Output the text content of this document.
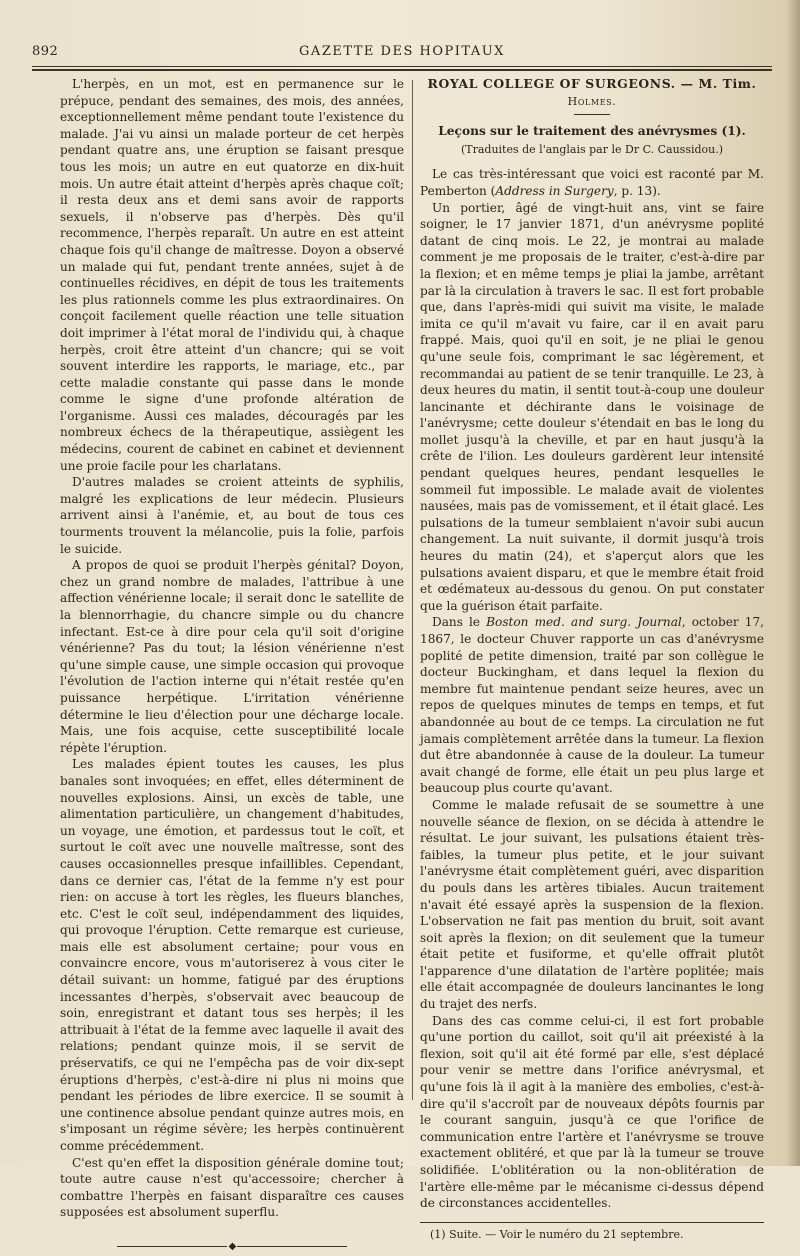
892	GAZETTE DES HOPITAUX

L'herpès, en un mot, est en permanence sur le prépuce, pendant des semaines, des mois, des années, exceptionnellement même pendant toute l'existence du malade. J'ai vu ainsi un malade porteur de cet herpès pendant quatre ans, une éruption se faisant presque tous les mois; un autre en eut quatorze en dix-huit mois. Un autre était atteint d'herpès après chaque coït; il resta deux ans et demi sans avoir de rapports sexuels, il n'observe pas d'herpès. Dès qu'il recommence, l'herpès reparaît. Un autre en est atteint chaque fois qu'il change de maîtresse. Doyon a observé un malade qui fut, pendant trente années, sujet à de continuelles récidives, en dépit de tous les traitements les plus rationnels comme les plus extraordinaires. On conçoit facilement quelle réaction une telle situation doit imprimer à l'état moral de l'individu qui, à chaque herpès, croit être atteint d'un chancre; qui se voit souvent interdire les rapports, le mariage, etc., par cette maladie constante qui passe dans le monde comme le signe d'une profonde altération de l'organisme. Aussi ces malades, découragés par les nombreux échecs de la thérapeutique, assiègent les médecins, courent de cabinet en cabinet et deviennent une proie facile pour les charlatans.

D'autres malades se croient atteints de syphilis, malgré les explications de leur médecin. Plusieurs arrivent ainsi à l'anémie, et, au bout de tous ces tourments trouvent la mélancolie, puis la folie, parfois le suicide.

A propos de quoi se produit l'herpès génital? Doyon, chez un grand nombre de malades, l'attribue à une affection vénérienne locale; il serait donc le satellite de la blennorrhagie, du chancre simple ou du chancre infectant. Est-ce à dire pour cela qu'il soit d'origine vénérienne? Pas du tout; la lésion vénérienne n'est qu'une simple cause, une simple occasion qui provoque l'évolution de l'action interne qui n'était restée qu'en puissance herpétique. L'irritation vénérienne détermine le lieu d'élection pour une décharge locale. Mais, une fois acquise, cette susceptibilité locale répète l'éruption.

Les malades épient toutes les causes, les plus banales sont invoquées; en effet, elles déterminent de nouvelles explosions. Ainsi, un excès de table, une alimentation particulière, un changement d'habitudes, un voyage, une émotion, et pardessus tout le coït, et surtout le coït avec une nouvelle maîtresse, sont des causes occasionnelles presque infaillibles. Cependant, dans ce dernier cas, l'état de la femme n'y est pour rien: on accuse à tort les règles, les flueurs blanches, etc. C'est le coït seul, indépendamment des liquides, qui provoque l'éruption. Cette remarque est curieuse, mais elle est absolument certaine; pour vous en convaincre encore, vous m'autoriserez à vous citer le détail suivant: un homme, fatigué par des éruptions incessantes d'herpès, s'observait avec beaucoup de soin, enregistrant et datant tous ses herpès; il les attribuait à l'état de la femme avec laquelle il avait des relations; pendant quinze mois, il se servit de préservatifs, ce qui ne l'empêcha pas de voir dix-sept éruptions d'herpès, c'est-à-dire ni plus ni moins que pendant les périodes de libre exercice. Il se soumit à une continence absolue pendant quinze autres mois, en s'imposant un régime sévère; les herpès continuèrent comme précédemment.

C'est qu'en effet la disposition générale domine tout; toute autre cause n'est qu'accessoire; chercher à combattre l'herpès en faisant disparaître ces causes supposées est absolument superflu.

◆
ROYAL COLLEGE OF SURGEONS. — M. Tim. Holmes.
Leçons sur le traitement des anévrysmes (1).
(Traduites de l'anglais par le Dr C. Caussidou.)

Le cas très-intéressant que voici est raconté par M. Pemberton (Address in Surgery, p. 13).

Un portier, âgé de vingt-huit ans, vint se faire soigner, le 17 janvier 1871, d'un anévrysme poplité datant de cinq mois. Le 22, je montrai au malade comment je me proposais de le traiter, c'est-à-dire par la flexion; et en même temps je pliai la jambe, arrêtant par là la circulation à travers le sac. Il est fort probable que, dans l'après-midi qui suivit ma visite, le malade imita ce qu'il m'avait vu faire, car il en avait paru frappé. Mais, quoi qu'il en soit, je ne pliai le genou qu'une seule fois, comprimant le sac légèrement, et recommandai au patient de se tenir tranquille. Le 23, à deux heures du matin, il sentit tout-à-coup une douleur lancinante et déchirante dans le voisinage de l'anévrysme; cette douleur s'étendait en bas le long du mollet jusqu'à la cheville, et par en haut jusqu'à la crête de l'ilion. Les douleurs gardèrent leur intensité pendant quelques heures, pendant lesquelles le sommeil fut impossible. Le malade avait de violentes nausées, mais pas de vomissement, et il était glacé. Les pulsations de la tumeur semblaient n'avoir subi aucun changement. La nuit suivante, il dormit jusqu'à trois heures du matin (24), et s'aperçut alors que les pulsations avaient disparu, et que le membre était froid et œdémateux au-dessous du genou. On put constater que la guérison était parfaite.

Dans le Boston med. and surg. Journal, october 17, 1867, le docteur Chuver rapporte un cas d'anévrysme poplité de petite dimension, traité par son collègue le docteur Buckingham, et dans lequel la flexion du membre fut maintenue pendant seize heures, avec un repos de quelques minutes de temps en temps, et fut abandonnée au bout de ce temps. La circulation ne fut jamais complètement arrêtée dans la tumeur. La flexion dut être abandonnée à cause de la douleur. La tumeur avait changé de forme, elle était un peu plus large et beaucoup plus courte qu'avant.

Comme le malade refusait de se soumettre à une nouvelle séance de flexion, on se décida à attendre le résultat. Le jour suivant, les pulsations étaient très-faibles, la tumeur plus petite, et le jour suivant l'anévrysme était complètement guéri, avec disparition du pouls dans les artères tibiales. Aucun traitement n'avait été essayé après la suspension de la flexion. L'observation ne fait pas mention du bruit, soit avant soit après la flexion; on dit seulement que la tumeur était petite et fusiforme, et qu'elle offrait plutôt l'apparence d'une dilatation de l'artère poplitée; mais elle était accompagnée de douleurs lancinantes le long du trajet des nerfs.

Dans des cas comme celui-ci, il est fort probable qu'une portion du caillot, soit qu'il ait préexisté à la flexion, soit qu'il ait été formé par elle, s'est déplacé pour venir se mettre dans l'orifice anévrysmal, et qu'une fois là il agit à la manière des embolies, c'est-à-dire qu'il s'accroît par de nouveaux dépôts fournis par le courant sanguin, jusqu'à ce que l'orifice de communication entre l'artère et l'anévrysme se trouve exactement oblitéré, et que par là la tumeur se trouve solidifiée. L'oblitération ou la non-oblitération de l'artère elle-même par le mécanisme ci-dessus dépend de circonstances accidentelles.

(1) Suite. — Voir le numéro du 21 septembre.
